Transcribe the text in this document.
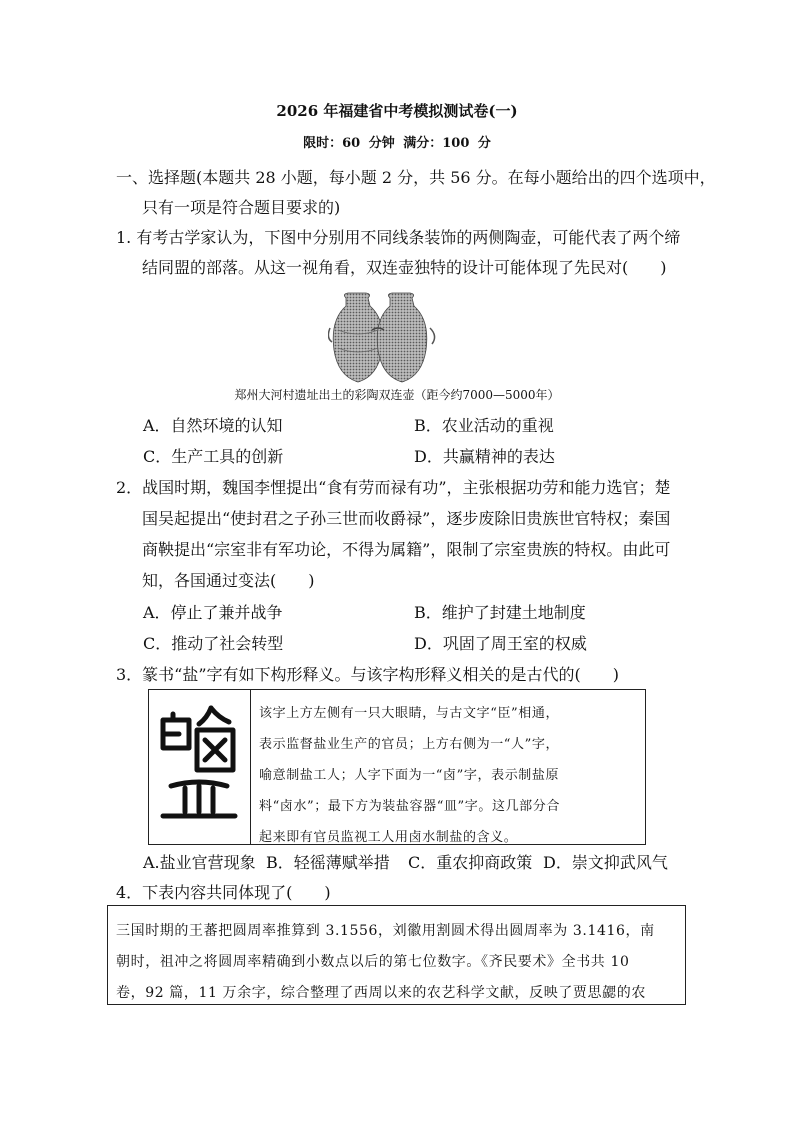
2026 年福建省中考模拟测试卷(一)
限时：60 分钟 满分：100 分
一、选择题(本题共 28 小题，每小题 2 分，共 56 分。在每小题给出的四个选项中，
只有一项是符合题目要求的)
1. 有考古学家认为，下图中分别用不同线条装饰的两侧陶壶，可能代表了两个缔
结同盟的部落。从这一视角看，双连壶独特的设计可能体现了先民对(　　)
郑州大河村遗址出土的彩陶双连壶（距今约7000—5000年）
A．自然环境的认知	B．农业活动的重视
C．生产工具的创新	D．共赢精神的表达
2．战国时期，魏国李悝提出“食有劳而禄有功”，主张根据功劳和能力选官；楚
国吴起提出“使封君之子孙三世而收爵禄”，逐步废除旧贵族世官特权；秦国
商鞅提出“宗室非有军功论，不得为属籍”，限制了宗室贵族的特权。由此可
知，各国通过变法(　　)
A．停止了兼并战争	B．维护了封建土地制度
C．推动了社会转型	D．巩固了周王室的权威
3．篆书“盐”字有如下构形释义。与该字构形释义相关的是古代的(　　)
该字上方左侧有一只大眼睛，与古文字“臣”相通，
表示监督盐业生产的官员；上方右侧为一“人”字，
喻意制盐工人；人字下面为一“卤”字，表示制盐原
料“卤水”；最下方为装盐容器“皿”字。这几部分合
起来即有官员监视工人用卤水制盐的含义。
A.盐业官营现象 B．轻徭薄赋举措 C．重农抑商政策 D．崇文抑武风气
4．下表内容共同体现了(　　)
三国时期的王蕃把圆周率推算到 3.1556，刘徽用割圆术得出圆周率为 3.1416，南
朝时，祖冲之将圆周率精确到小数点以后的第七位数字。《齐民要术》全书共 10
卷，92 篇，11 万余字，综合整理了西周以来的农艺科学文献，反映了贾思勰的农
